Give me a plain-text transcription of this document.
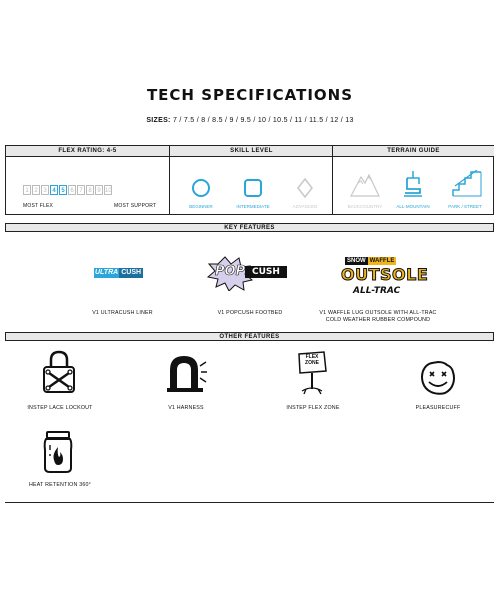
TECH SPECIFICATIONS
SIZES: 7 / 7.5 / 8 / 8.5 / 9 / 9.5 / 10 / 10.5 / 11 / 11.5 / 12 / 13
FLEX RATING: 4-5
1 2 3 4 5 6 7 8 9 10
MOST FLEX	MOST SUPPORT
SKILL LEVEL
BEGINNER	INTERMEDIATE	ADVANCED
TERRAIN GUIDE
BACKCOUNTRY	ALL-MOUNTAIN	PARK / STREET
KEY FEATURES
ULTRA CUSH	POP CUSH
SNOW WAFFLE
OUTSOLE
ALL-TRAC
V1 ULTRACUSH LINER	V1 POPCUSH FOOTBED	V1 WAFFLE LUG OUTSOLE WITH ALL-TRAC
COLD WEATHER RUBBER COMPOUND
OTHER FEATURES
FLEX
ZONE
INSTEP LACE LOCKOUT	V1 HARNESS	INSTEP FLEX ZONE	PLEASURECUFF
HEAT RETENTION 360°
